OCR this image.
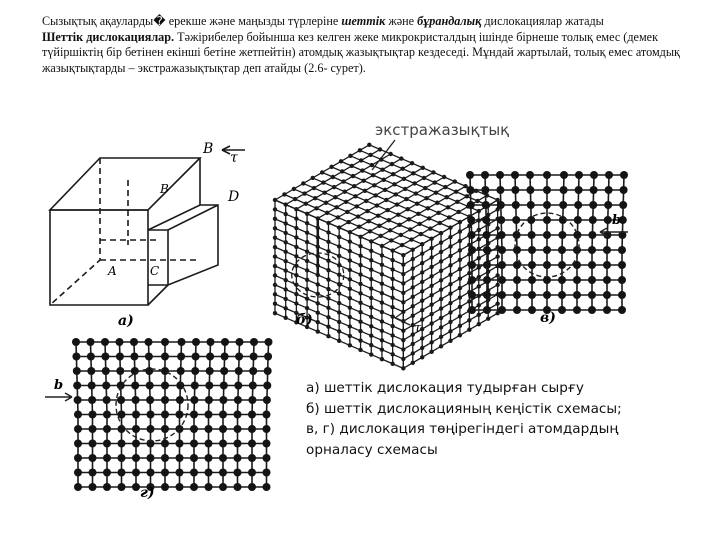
Сызықтық ақауларды� ерекше және маңызды түрлеріне шеттік және бұрандалық дислокациялар жатады

Шеттік дислокациялар. Тәжірибелер бойынша кез келген жеке микрокристалдың ішінде бірнеше толық емес (демек түйіршіктің бір бетінен екінші бетіне жетпейтін) атомдық жазықтықтар кездеседі. Мұндай жартылай, толық емес атомдық жазықтықтарды – экстражазықтықтар деп атайды (2.6- сурет).

B
τ
D
B
A	C
а)
экстражазықтық
τ
б)	в)
b
b
г)
а) шеттік дислокация тудырған сырғу
б) шеттік дислокацияның кеңістік схемасы;
в, г) дислокация төңірегіндегі атомдардың
орналасу схемасы
